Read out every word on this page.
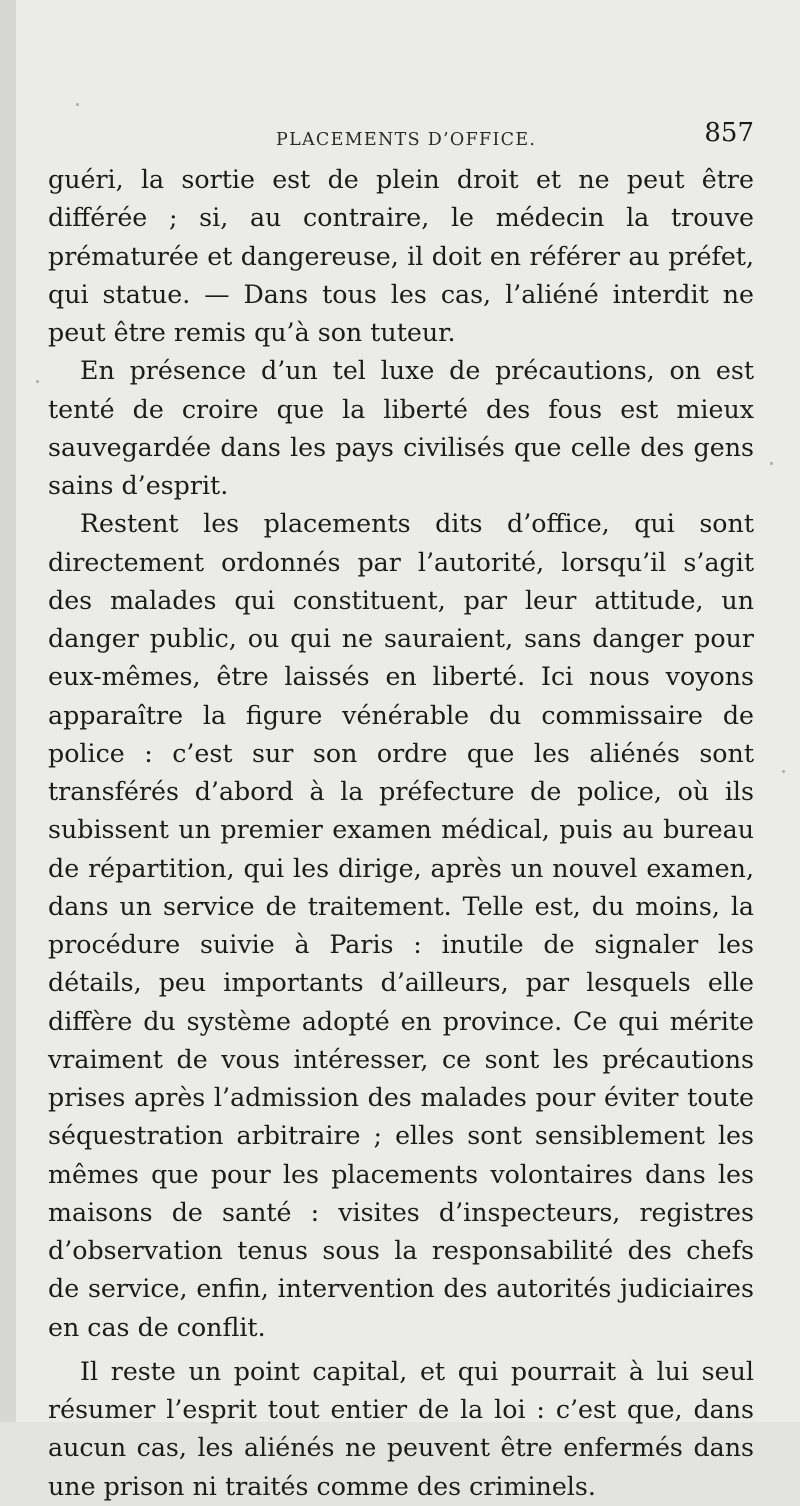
PLACEMENTS D’OFFICE.	857

guéri, la sortie est de plein droit et ne peut être différée ; si, au contraire, le médecin la trouve prématurée et dangereuse, il doit en référer au préfet, qui statue. — Dans tous les cas, l’aliéné interdit ne peut être remis qu’à son tuteur.

En présence d’un tel luxe de précautions, on est tenté de croire que la liberté des fous est mieux sauvegardée dans les pays civilisés que celle des gens sains d’esprit.

Restent les placements dits d’office, qui sont directement ordonnés par l’autorité, lorsqu’il s’agit des malades qui constituent, par leur attitude, un danger public, ou qui ne sauraient, sans danger pour eux-mêmes, être laissés en liberté. Ici nous voyons apparaître la figure vénérable du commissaire de police : c’est sur son ordre que les aliénés sont transférés d’abord à la préfecture de police, où ils subissent un premier examen médical, puis au bureau de répartition, qui les dirige, après un nouvel examen, dans un service de traitement. Telle est, du moins, la procédure suivie à Paris : inutile de signaler les détails, peu importants d’ailleurs, par lesquels elle diffère du système adopté en province. Ce qui mérite vraiment de vous intéresser, ce sont les précautions prises après l’admission des malades pour éviter toute séquestration arbitraire ; elles sont sensiblement les mêmes que pour les placements volontaires dans les maisons de santé : visites d’inspecteurs, registres d’observation tenus sous la responsabilité des chefs de service, enfin, intervention des autorités judiciaires en cas de conflit.

Il reste un point capital, et qui pourrait à lui seul résumer l’esprit tout entier de la loi : c’est que, dans aucun cas, les aliénés ne peuvent être enfermés dans une prison ni traités comme des criminels.
